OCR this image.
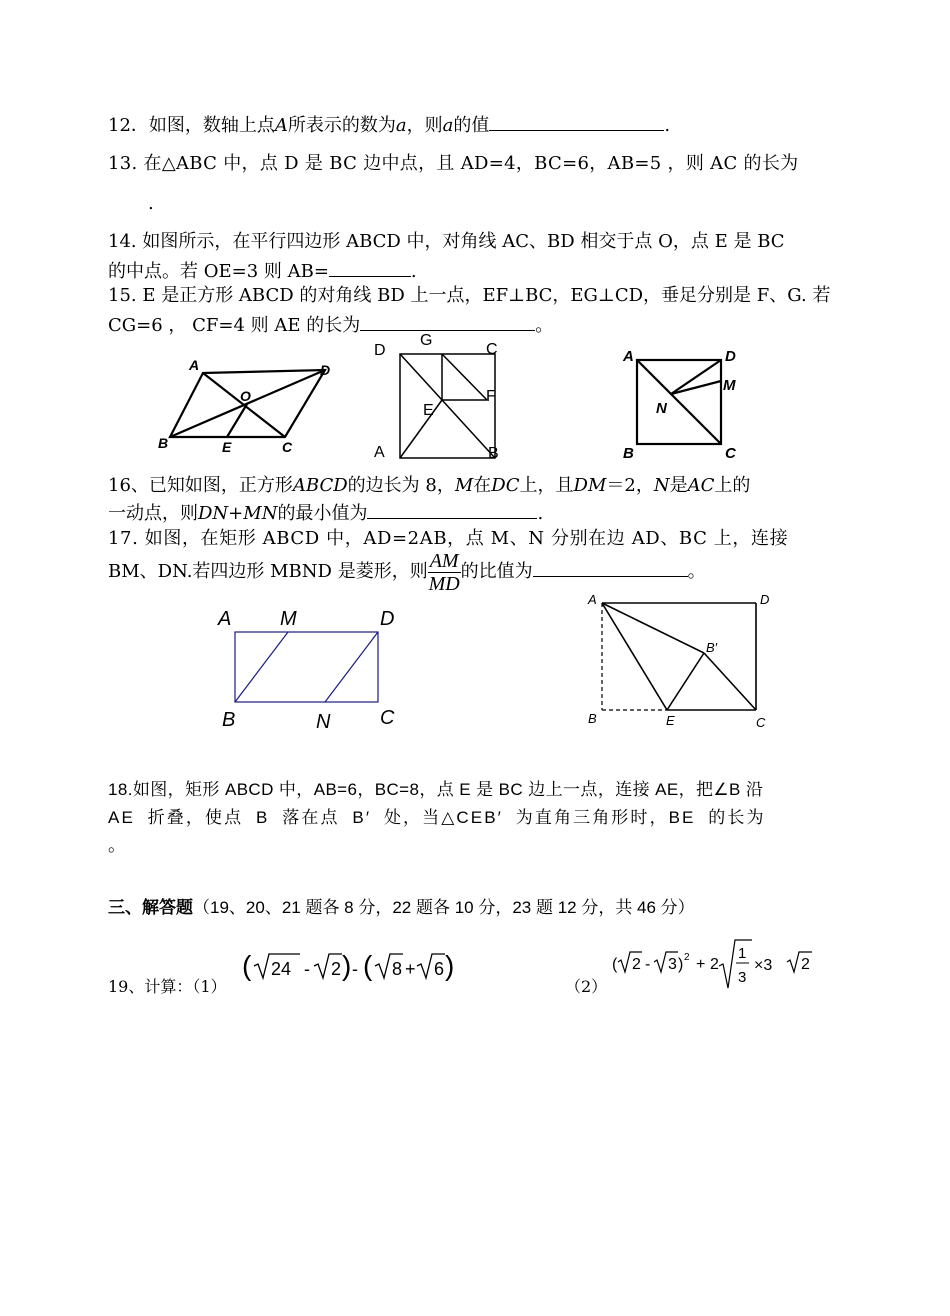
12．如图，数轴上点A所表示的数为a，则a的值	.
13. 在△ABC 中，点 D 是 BC 边中点，且 AD=4，BC=6，AB=5 ，则 AC 的长为
.
14. 如图所示，在平行四边形 ABCD 中，对角线 AC、BD 相交于点 O，点 E 是 BC
的中点。若 OE=3 则 AB=	.
15. E 是正方形 ABCD 的对角线 BD 上一点，EF⊥BC，EG⊥CD，垂足分别是 F、G. 若
CG=6 ， CF=4 则 AE 的长为	。
A	D
O
B	E	C
D
G
C
F
E
A	B
A	D
M
N
B	C
16、已知如图，正方形ABCD的边长为 8，M在DC上，且DM＝2，N是AC上的
一动点，则DN+MN的最小值为	.
17. 如图，在矩形 ABCD 中，AD=2AB，点 M、N 分别在边 AD、BC 上，连接
BM、DN.若四边形 MBND 是菱形，则 $\frac{AM}{MD}$ 的比值为	。
A M	D
B	N C
A	D
B′
B	E	C
18.如图，矩形 ABCD 中，AB=6，BC=8，点 E 是 BC 边上一点，连接 AE，把∠B 沿
AE 折叠，使点 B 落在点 B′ 处，当△CEB′ 为直角三角形时，BE 的长为
。
三、解答题（19、20、21 题各 8 分，22 题各 10 分，23 题 12 分，共 46 分）
19、计算：（1）
( 24 - 2 ) - ( 8 + 6 )
（2）
( 2 - 3 ) 2 + 2
1
3
×3 2
